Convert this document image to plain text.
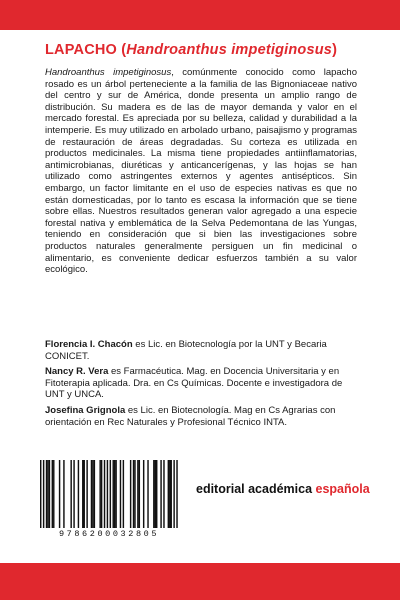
LAPACHO (Handroanthus impetiginosus)
Handroanthus impetiginosus, comúnmente conocido como lapacho rosado es un árbol perteneciente a la familia de las Bignoniaceae nativo del centro y sur de América, donde presenta un amplio rango de distribución. Su madera es de las de mayor demanda y valor en el mercado forestal. Es apreciada por su belleza, calidad y durabilidad a la intemperie. Es muy utilizado en arbolado urbano, paisajismo y programas de restauración de áreas degradadas. Su corteza es utilizada en productos medicinales. La misma tiene propiedades antiinflamatorias, antimicrobianas, diuréticas y anticancerígenas, y las hojas se han utilizado como astringentes externos y agentes antisépticos. Sin embargo, un factor limitante en el uso de especies nativas es que no están domesticadas, por lo tanto es escasa la información que se tiene sobre ellas. Nuestros resultados generan valor agregado a una especie forestal nativa y emblemática de la Selva Pedemontana de las Yungas, teniendo en consideración que si bien las investigaciones sobre productos naturales generalmente persiguen un fin medicinal o alimentario, es conveniente dedicar esfuerzos también a su valor ecológico.

Florencia I. Chacón es Lic. en Biotecnología por la UNT y Becaria CONICET.

Nancy R. Vera es Farmacéutica. Mag. en Docencia Universitaria y en Fitoterapia aplicada. Dra. en Cs Químicas. Docente e investigadora de UNT y UNCA.

Josefina Grignola es Lic. en Biotecnología. Mag en Cs Agrarias con orientación en Rec Naturales y Profesional Técnico INTA.

9786200032805
editorial académica española
